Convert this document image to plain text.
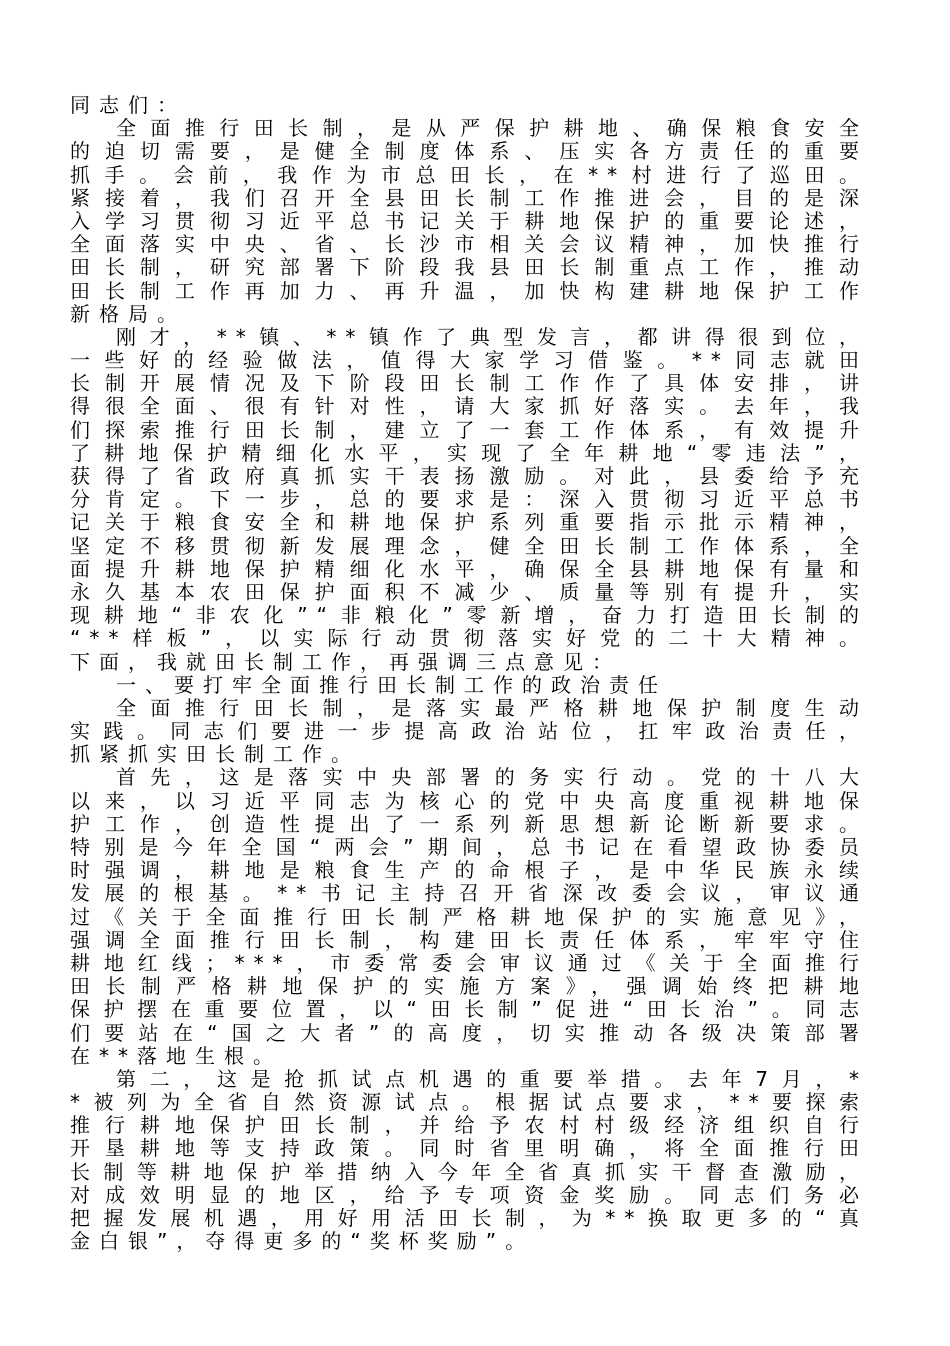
同志们：
全面推行田长制，是从严保护耕地、确保粮食安全
的迫切需要，是健全制度体系、压实各方责任的重要
抓手。会前，我作为市总田长，在**村进行了巡田。
紧接着，我们召开全县田长制工作推进会，目的是深
入学习贯彻习近平总书记关于耕地保护的重要论述，
全面落实中央、省、长沙市相关会议精神，加快推行
田长制，研究部署下阶段我县田长制重点工作，推动
田长制工作再加力、再升温，加快构建耕地保护工作
新格局。
刚才，**镇、**镇作了典型发言，都讲得很到位，
一些好的经验做法，值得大家学习借鉴。**同志就田
长制开展情况及下阶段田长制工作作了具体安排，讲
得很全面、很有针对性，请大家抓好落实。去年，我
们探索推行田长制，建立了一套工作体系，有效提升
了耕地保护精细化水平，实现了全年耕地“零违法”，
获得了省政府真抓实干表扬激励。对此，县委给予充
分肯定。下一步，总的要求是：深入贯彻习近平总书
记关于粮食安全和耕地保护系列重要指示批示精神，
坚定不移贯彻新发展理念，健全田长制工作体系，全
面提升耕地保护精细化水平，确保全县耕地保有量和
永久基本农田保护面积不减少、质量等别有提升，实
现耕地“非农化”“非粮化”零新增，奋力打造田长制的
“**样板”，以实际行动贯彻落实好党的二十大精神。
下面，我就田长制工作，再强调三点意见：
一、要打牢全面推行田长制工作的政治责任
全面推行田长制，是落实最严格耕地保护制度生动
实践。同志们要进一步提高政治站位，扛牢政治责任，
抓紧抓实田长制工作。
首先，这是落实中央部署的务实行动。党的十八大
以来，以习近平同志为核心的党中央高度重视耕地保
护工作，创造性提出了一系列新思想新论断新要求。
特别是今年全国“两会”期间，总书记在看望政协委员
时强调，耕地是粮食生产的命根子，是中华民族永续
发展的根基。**书记主持召开省深改委会议，审议通
过《关于全面推行田长制严格耕地保护的实施意见》，
强调全面推行田长制，构建田长责任体系，牢牢守住
耕地红线；***，市委常委会审议通过《关于全面推行
田长制严格耕地保护的实施方案》，强调始终把耕地
保护摆在重要位置，以“田长制”促进“田长治”。同志
们要站在“国之大者”的高度，切实推动各级决策部署
在**落地生根。
第二，这是抢抓试点机遇的重要举措。去年7月，*
*被列为全省自然资源试点。根据试点要求，**要探索
推行耕地保护田长制，并给予农村村级经济组织自行
开垦耕地等支持政策。同时省里明确，将全面推行田
长制等耕地保护举措纳入今年全省真抓实干督查激励，
对成效明显的地区，给予专项资金奖励。同志们务必
把握发展机遇，用好用活田长制，为**换取更多的“真
金白银”，夺得更多的“奖杯奖励”。
